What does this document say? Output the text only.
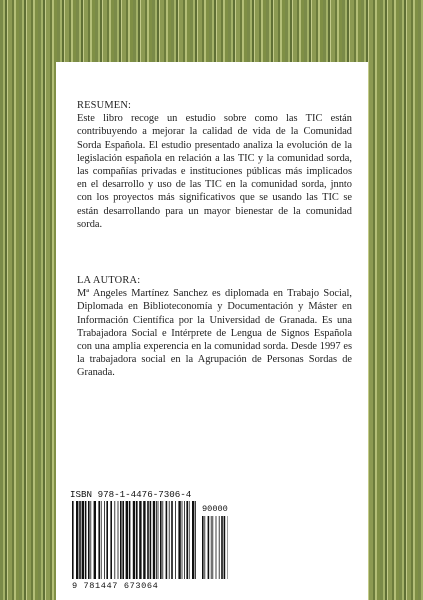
RESUMEN:

Este libro recoge un estudio sobre como las TIC están contribuyendo a mejorar la calidad de vida de la Comunidad Sorda Española. El estudio presentado analiza la evolución de la legislación española en relación a las TIC y la comunidad sorda, las compañías privadas e instituciones públicas más implicados en el desarrollo y uso de las TIC en la comunidad sorda, jnnto con los proyectos más significativos que se usando las TIC se están desarrollando para un mayor bienestar de la comunidad sorda.

LA AUTORA:

Mª Angeles Martínez Sanchez es diplomada en Trabajo Social, Diplomada en Biblioteconomía y Documentación y Máster en Información Científica por la Universidad de Granada. Es una Trabajadora Social e Intérprete de Lengua de Signos Española con una amplia experencia en la comunidad sorda. Desde 1997 es la trabajadora social en la Agrupación de Personas Sordas de Granada.

ISBN 978-1-4476-7306-4
9 781447 673064
90000
